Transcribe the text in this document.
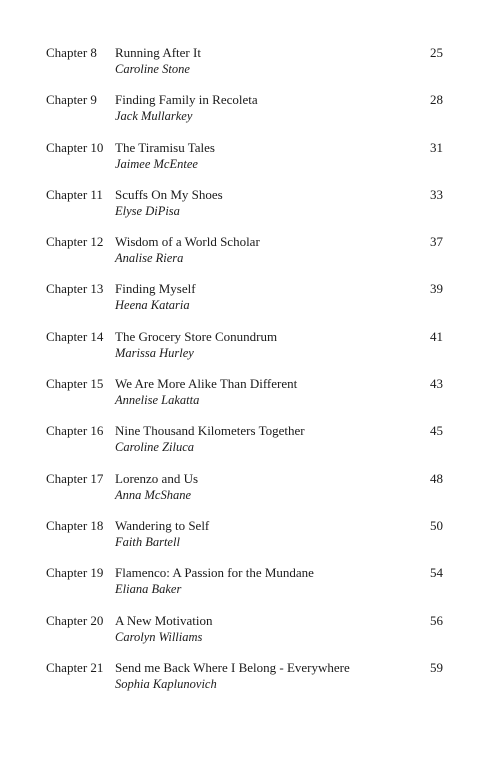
Chapter 8 Running After It
Caroline Stone
25
Chapter 9 Finding Family in Recoleta
Jack Mullarkey
28
Chapter 10 The Tiramisu Tales
Jaimee McEntee
31
Chapter 11 Scuffs On My Shoes
Elyse DiPisa
33
Chapter 12 Wisdom of a World Scholar
Analise Riera
37
Chapter 13 Finding Myself
Heena Kataria
39
Chapter 14 The Grocery Store Conundrum
Marissa Hurley
41
Chapter 15 We Are More Alike Than Different
Annelise Lakatta
43
Chapter 16 Nine Thousand Kilometers Together
Caroline Ziluca
45
Chapter 17 Lorenzo and Us
Anna McShane
48
Chapter 18 Wandering to Self
Faith Bartell
50
Chapter 19 Flamenco: A Passion for the Mundane
Eliana Baker
54
Chapter 20 A New Motivation
Carolyn Williams
56
Chapter 21 Send me Back Where I Belong - Everywhere
Sophia Kaplunovich
59
